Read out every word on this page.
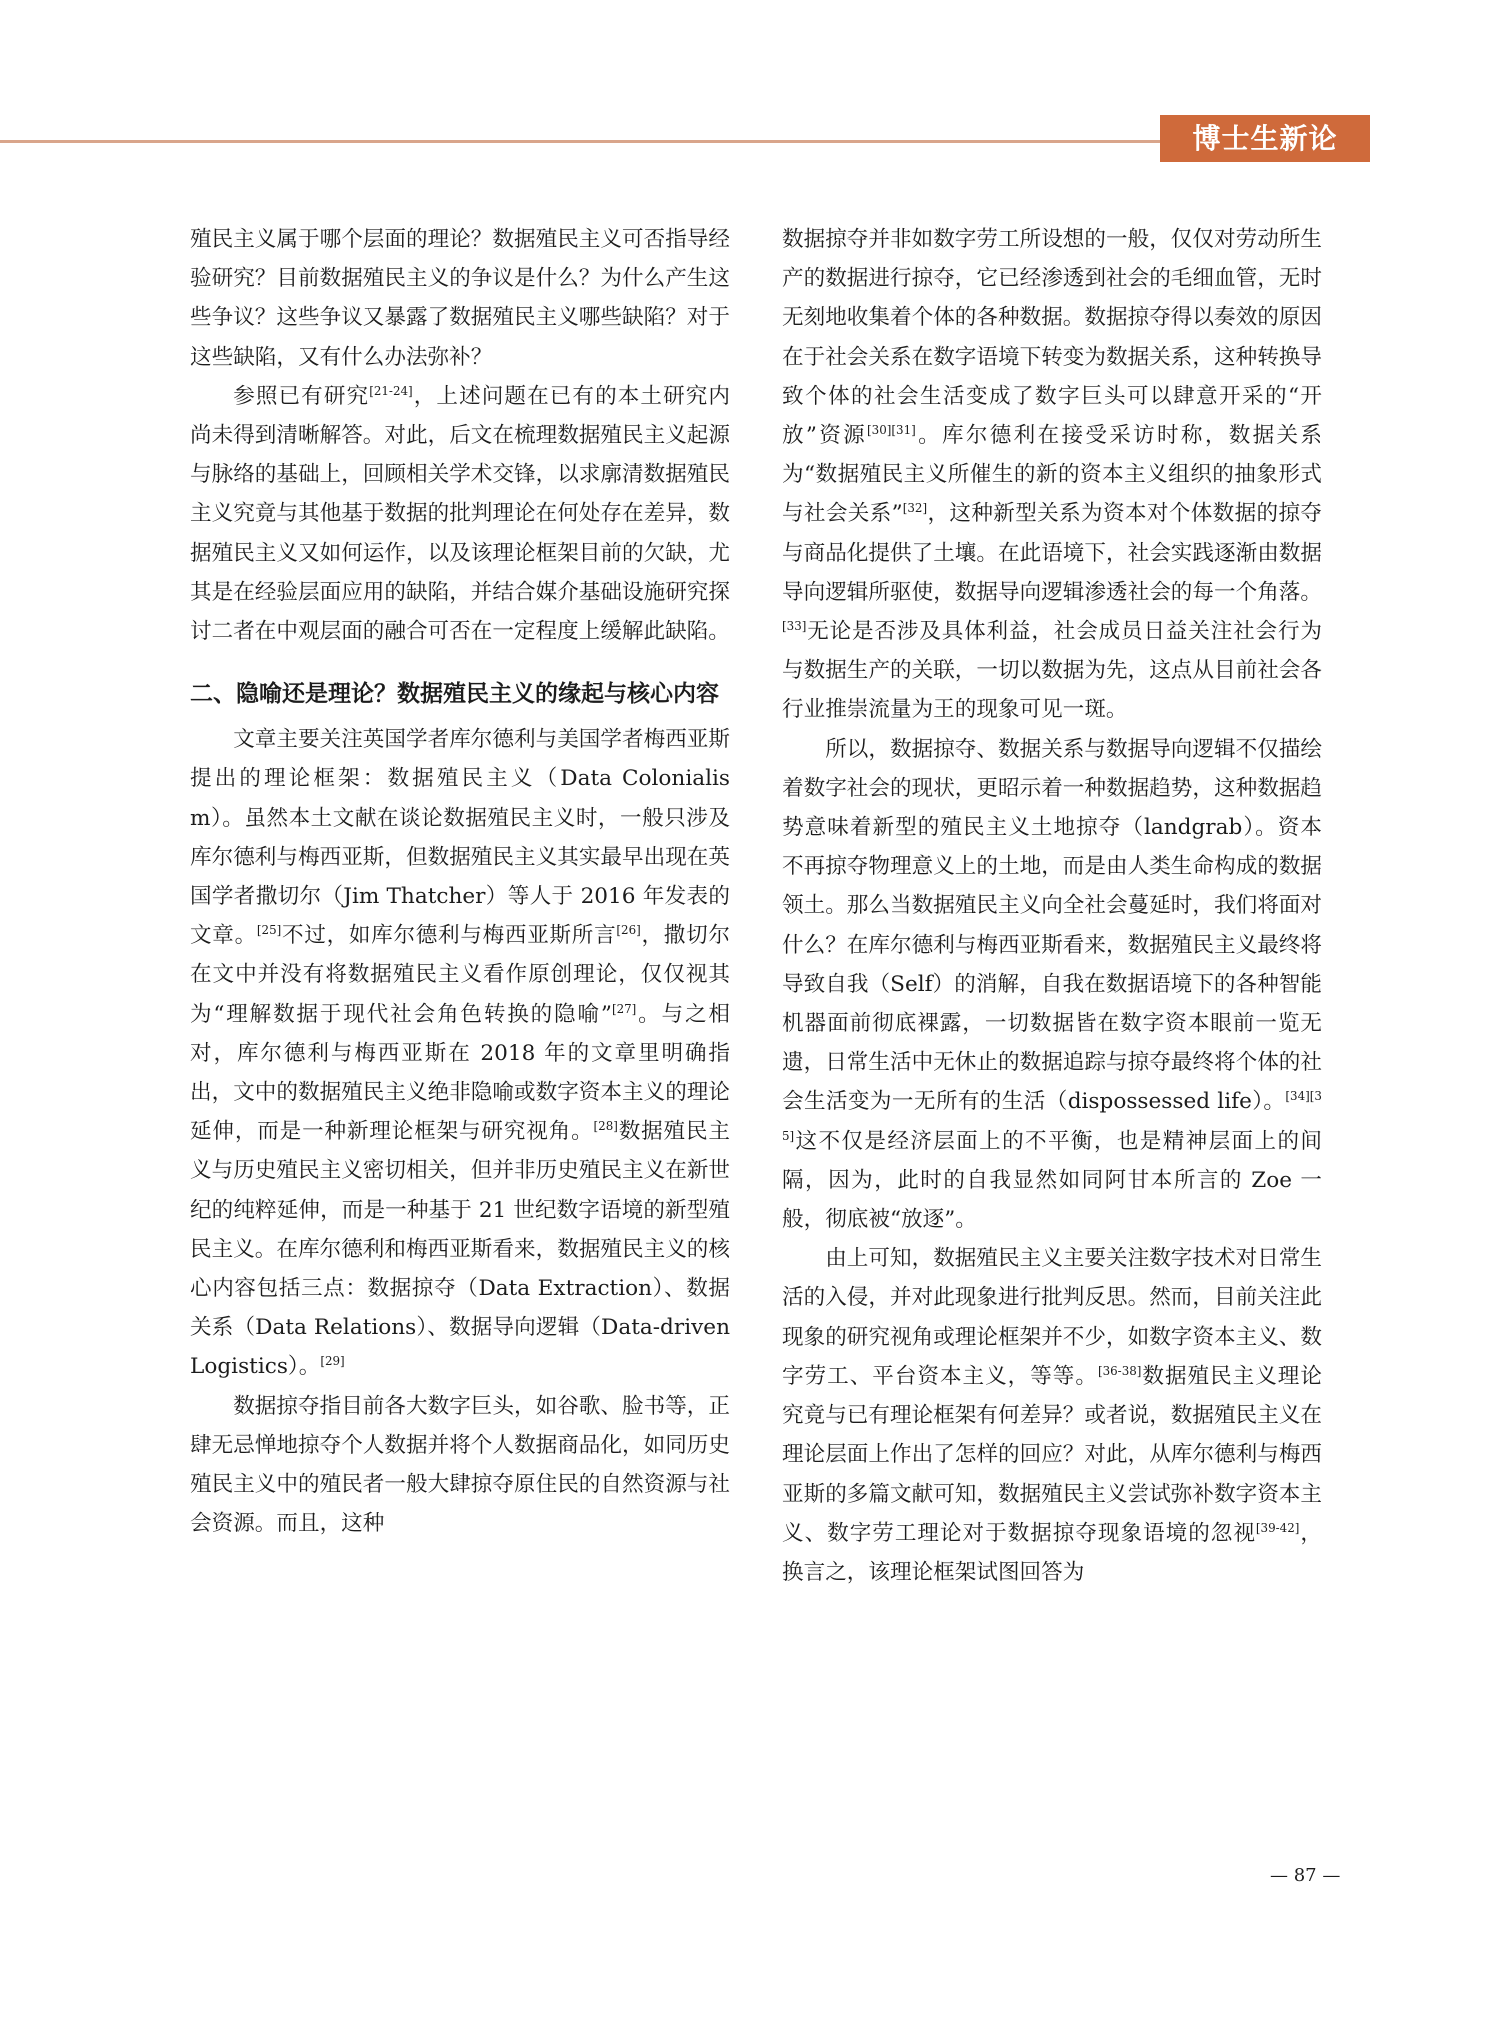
博士生新论

殖民主义属于哪个层面的理论？数据殖民主义可否指导经验研究？目前数据殖民主义的争议是什么？为什么产生这些争议？这些争议又暴露了数据殖民主义哪些缺陷？对于这些缺陷，又有什么办法弥补？

参照已有研究[21-24]，上述问题在已有的本土研究内尚未得到清晰解答。对此，后文在梳理数据殖民主义起源与脉络的基础上，回顾相关学术交锋，以求廓清数据殖民主义究竟与其他基于数据的批判理论在何处存在差异，数据殖民主义又如何运作，以及该理论框架目前的欠缺，尤其是在经验层面应用的缺陷，并结合媒介基础设施研究探讨二者在中观层面的融合可否在一定程度上缓解此缺陷。

二、隐喻还是理论？数据殖民主义的缘起与核心内容

文章主要关注英国学者库尔德利与美国学者梅西亚斯提出的理论框架：数据殖民主义（Data Colonialism）。虽然本土文献在谈论数据殖民主义时，一般只涉及库尔德利与梅西亚斯，但数据殖民主义其实最早出现在英国学者撒切尔（Jim Thatcher）等人于 2016 年发表的文章。[25]不过，如库尔德利与梅西亚斯所言[26]，撒切尔在文中并没有将数据殖民主义看作原创理论，仅仅视其为“理解数据于现代社会角色转换的隐喻”[27]。与之相对，库尔德利与梅西亚斯在 2018 年的文章里明确指出，文中的数据殖民主义绝非隐喻或数字资本主义的理论延伸，而是一种新理论框架与研究视角。[28]数据殖民主义与历史殖民主义密切相关，但并非历史殖民主义在新世纪的纯粹延伸，而是一种基于 21 世纪数字语境的新型殖民主义。在库尔德利和梅西亚斯看来，数据殖民主义的核心内容包括三点：数据掠夺（Data Extraction）、数据关系（Data Relations）、数据导向逻辑（Data-driven Logistics）。[29]

数据掠夺指目前各大数字巨头，如谷歌、脸书等，正肆无忌惮地掠夺个人数据并将个人数据商品化，如同历史殖民主义中的殖民者一般大肆掠夺原住民的自然资源与社会资源。而且，这种

数据掠夺并非如数字劳工所设想的一般，仅仅对劳动所生产的数据进行掠夺，它已经渗透到社会的毛细血管，无时无刻地收集着个体的各种数据。数据掠夺得以奏效的原因在于社会关系在数字语境下转变为数据关系，这种转换导致个体的社会生活变成了数字巨头可以肆意开采的“开放”资源[30][31]。库尔德利在接受采访时称，数据关系为“数据殖民主义所催生的新的资本主义组织的抽象形式与社会关系”[32]，这种新型关系为资本对个体数据的掠夺与商品化提供了土壤。在此语境下，社会实践逐渐由数据导向逻辑所驱使，数据导向逻辑渗透社会的每一个角落。[33]无论是否涉及具体利益，社会成员日益关注社会行为与数据生产的关联，一切以数据为先，这点从目前社会各行业推崇流量为王的现象可见一斑。

所以，数据掠夺、数据关系与数据导向逻辑不仅描绘着数字社会的现状，更昭示着一种数据趋势，这种数据趋势意味着新型的殖民主义土地掠夺（landgrab）。资本不再掠夺物理意义上的土地，而是由人类生命构成的数据领土。那么当数据殖民主义向全社会蔓延时，我们将面对什么？在库尔德利与梅西亚斯看来，数据殖民主义最终将导致自我（Self）的消解，自我在数据语境下的各种智能机器面前彻底裸露，一切数据皆在数字资本眼前一览无遗，日常生活中无休止的数据追踪与掠夺最终将个体的社会生活变为一无所有的生活（dispossessed life）。[34][35]这不仅是经济层面上的不平衡，也是精神层面上的间隔，因为，此时的自我显然如同阿甘本所言的 Zoe 一般，彻底被“放逐”。

由上可知，数据殖民主义主要关注数字技术对日常生活的入侵，并对此现象进行批判反思。然而，目前关注此现象的研究视角或理论框架并不少，如数字资本主义、数字劳工、平台资本主义，等等。[36-38]数据殖民主义理论究竟与已有理论框架有何差异？或者说，数据殖民主义在理论层面上作出了怎样的回应？对此，从库尔德利与梅西亚斯的多篇文献可知，数据殖民主义尝试弥补数字资本主义、数字劳工理论对于数据掠夺现象语境的忽视[39-42]，换言之，该理论框架试图回答为

— 87 —
